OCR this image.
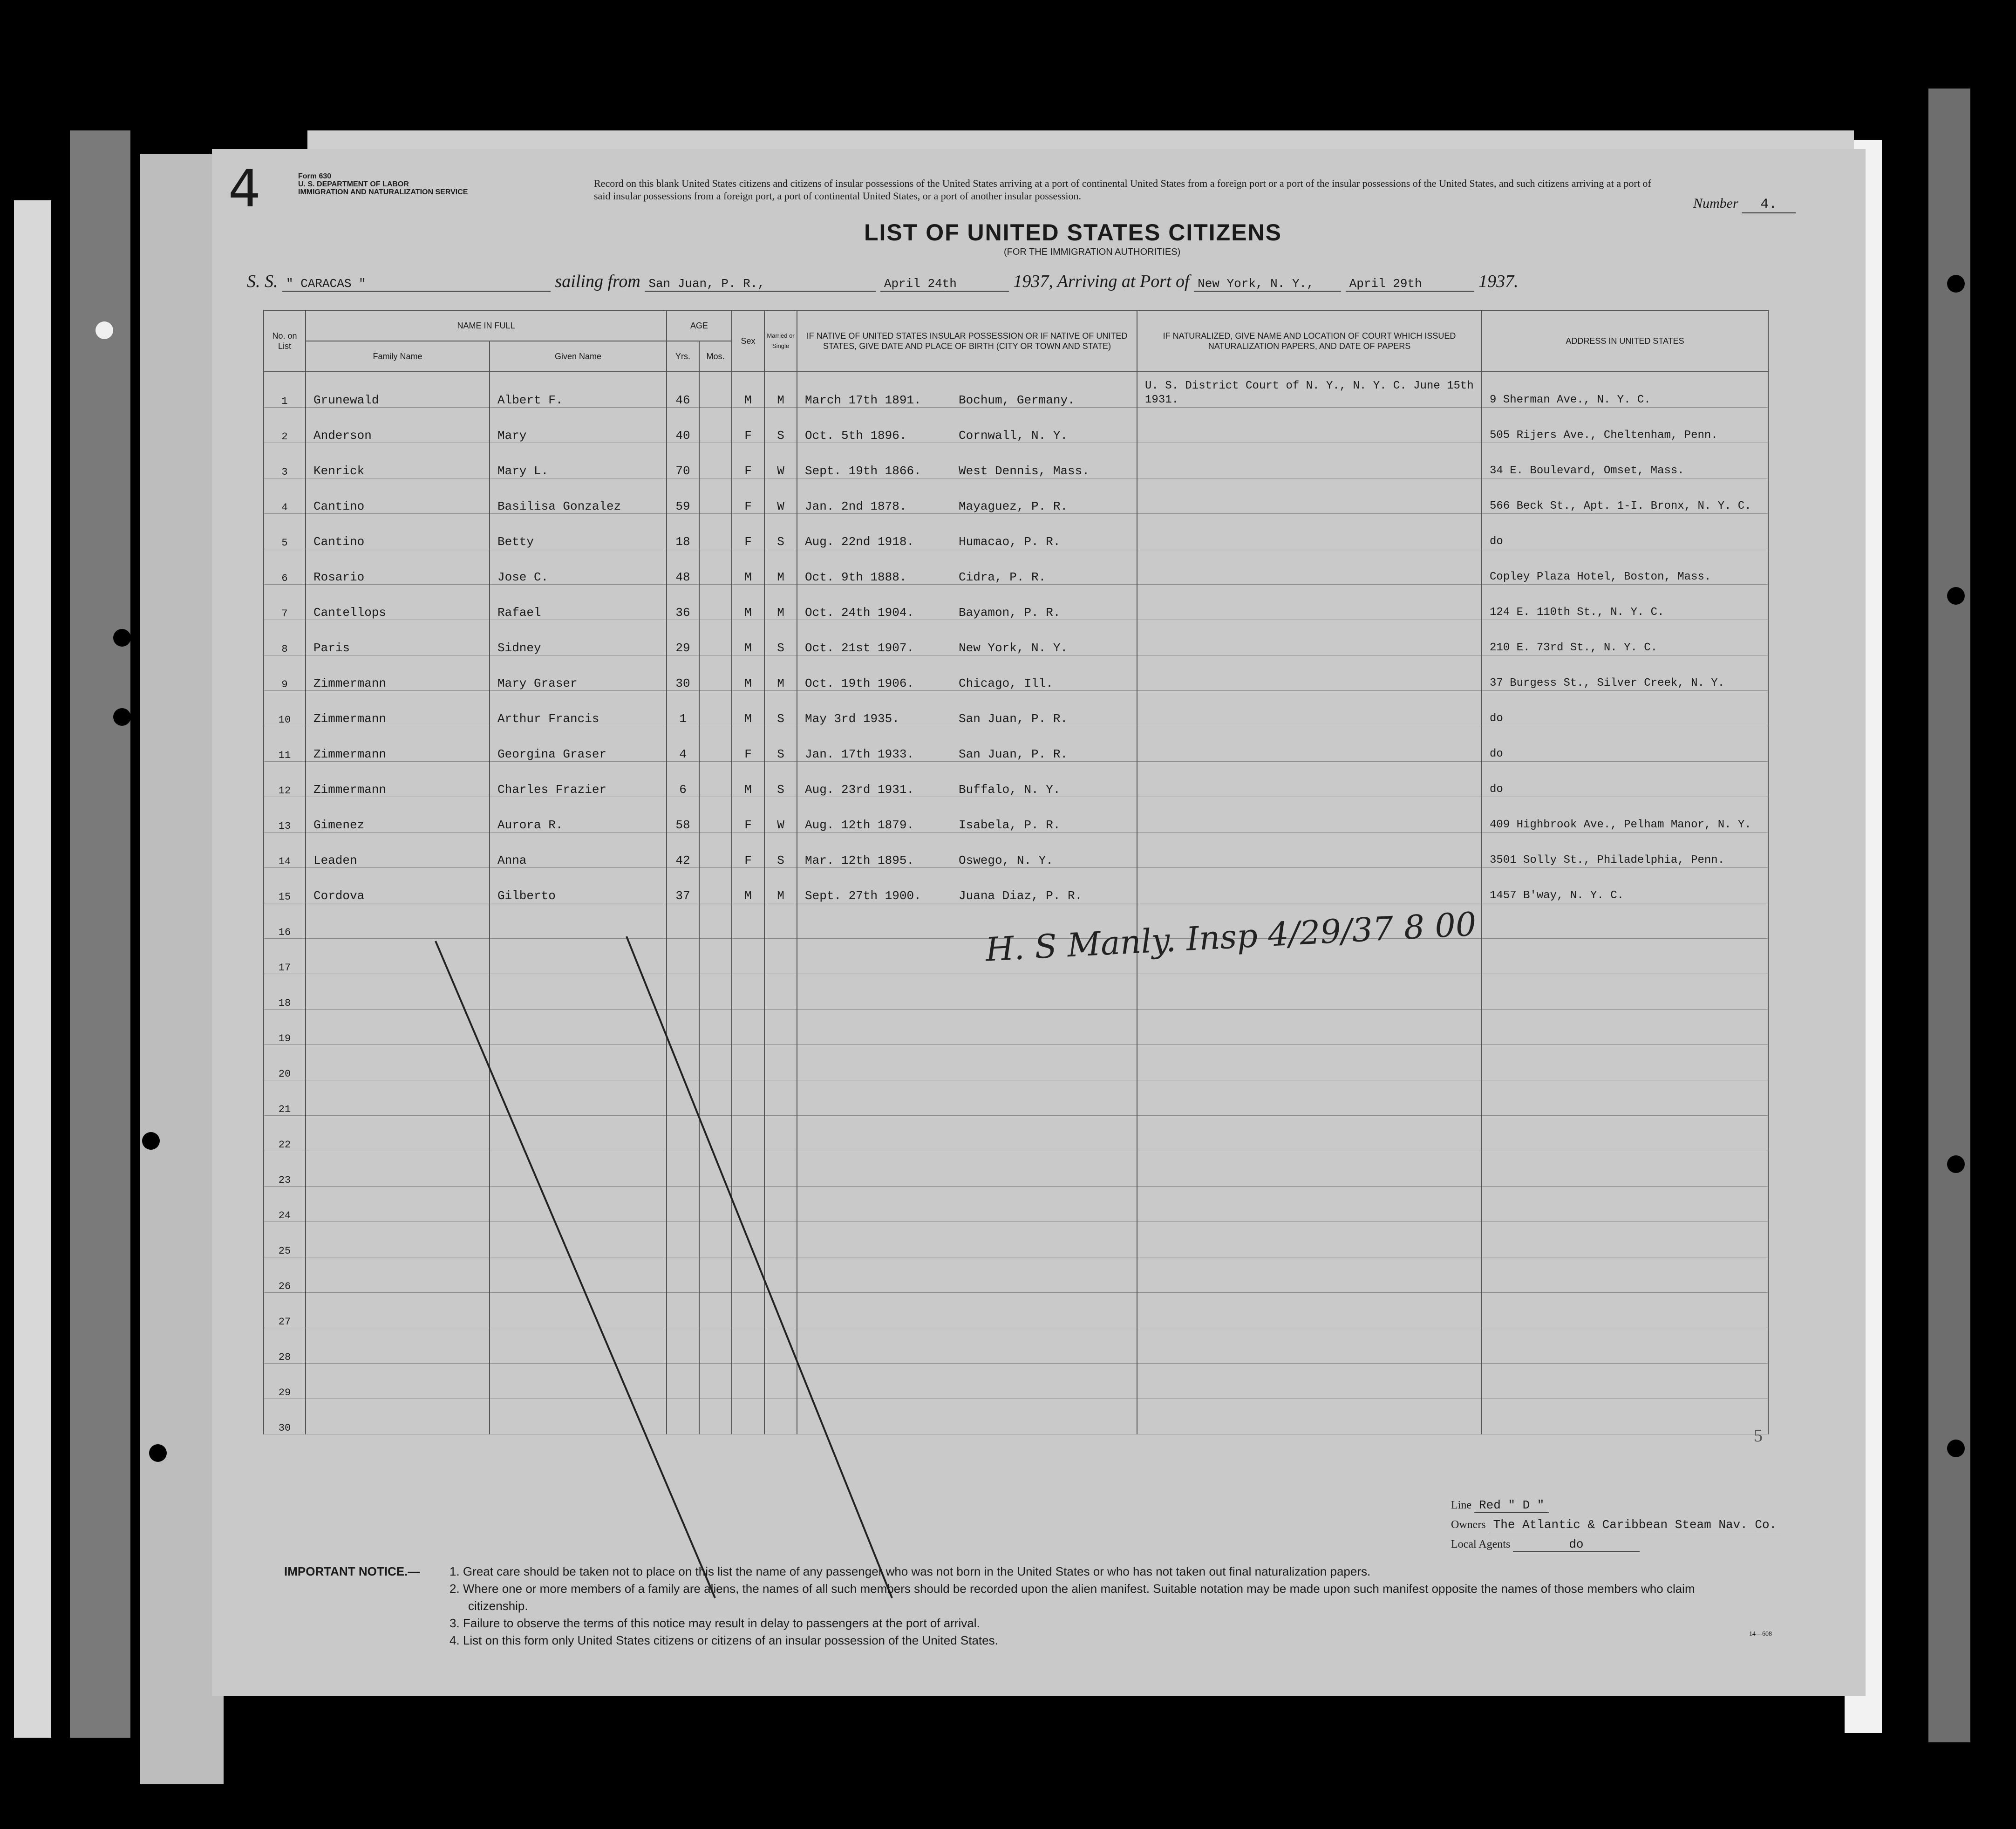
4	Form 630
U. S. DEPARTMENT OF LABOR
IMMIGRATION AND NATURALIZATION SERVICE
Record on this blank United States citizens and citizens of insular possessions of the United States arriving at a port of continental United States from a foreign port or a port of the insular possessions of the United States, and such citizens arriving at a port of said insular possessions from a foreign port, a port of continental United States, or a port of another insular possession.	Number 4.
LIST OF UNITED STATES CITIZENS
(FOR THE IMMIGRATION AUTHORITIES)
S. S. " CARACAS "	sailing from San Juan, P. R.,	April 24th	1937, Arriving at Port of New York, N. Y.,	April 29th	1937.
No. on List	NAME IN FULL		AGE		Sex	Married or Single	IF NATIVE OF UNITED STATES INSULAR POSSESSION OR IF NATIVE OF UNITED STATES, GIVE DATE AND PLACE OF BIRTH (CITY OR TOWN AND STATE)	IF NATURALIZED, GIVE NAME AND LOCATION OF COURT WHICH ISSUED NATURALIZATION PAPERS, AND DATE OF PAPERS	ADDRESS IN UNITED STATES
	Family Name	Given Name	Yrs.	Mos.					
1	Grunewald	Albert F.	46		M	M	March 17th 1891. Bochum, Germany.	U. S. District Court of N. Y., N. Y. C. June 15th 1931.	9 Sherman Ave., N. Y. C.
2	Anderson	Mary	40		F	S	Oct. 5th 1896. Cornwall, N. Y.		505 Rijers Ave., Cheltenham, Penn.
3	Kenrick	Mary L.	70		F	W	Sept. 19th 1866. West Dennis, Mass.		34 E. Boulevard, Omset, Mass.
4	Cantino	Basilisa Gonzalez	59		F	W	Jan. 2nd 1878. Mayaguez, P. R.		566 Beck St., Apt. 1-I. Bronx, N. Y. C.
5	Cantino	Betty	18		F	S	Aug. 22nd 1918. Humacao, P. R.		do
6	Rosario	Jose C.	48		M	M	Oct. 9th 1888. Cidra, P. R.		Copley Plaza Hotel, Boston, Mass.
7	Cantellops	Rafael	36		M	M	Oct. 24th 1904. Bayamon, P. R.		124 E. 110th St., N. Y. C.
8	Paris	Sidney	29		M	S	Oct. 21st 1907. New York, N. Y.		210 E. 73rd St., N. Y. C.
9	Zimmermann	Mary Graser	30		M	M	Oct. 19th 1906. Chicago, Ill.		37 Burgess St., Silver Creek, N. Y.
10	Zimmermann	Arthur Francis	1		M	S	May 3rd 1935. San Juan, P. R.		do
11	Zimmermann	Georgina Graser	4		F	S	Jan. 17th 1933. San Juan, P. R.		do
12	Zimmermann	Charles Frazier	6		M	S	Aug. 23rd 1931. Buffalo, N. Y.		do
13	Gimenez	Aurora R.	58		F	W	Aug. 12th 1879. Isabela, P. R.		409 Highbrook Ave., Pelham Manor, N. Y.
14	Leaden	Anna	42		F	S	Mar. 12th 1895. Oswego, N. Y.		3501 Solly St., Philadelphia, Penn.
15	Cordova	Gilberto	37		M	M	Sept. 27th 1900. Juana Diaz, P. R.		1457 B'way, N. Y. C.
16									
17									
18									
19									
20									
21									
22									
23									
24									
25									
26									
27									
28									
29									
30									
H. S Manly. Insp 4/29/37 8 00
5
Line Red " D "
Owners The Atlantic & Caribbean Steam Nav. Co.
Local Agents	do
IMPORTANT NOTICE.— 1. Great care should be taken not to place on this list the name of any passenger who was not born in the United States or who has not taken out final naturalization papers.
2. Where one or more members of a family are aliens, the names of all such members should be recorded upon the alien manifest. Suitable notation may be made upon such manifest opposite the names of those members who claim citizenship.
3. Failure to observe the terms of this notice may result in delay to passengers at the port of arrival.
4. List on this form only United States citizens or citizens of an insular possession of the United States.	14—608
